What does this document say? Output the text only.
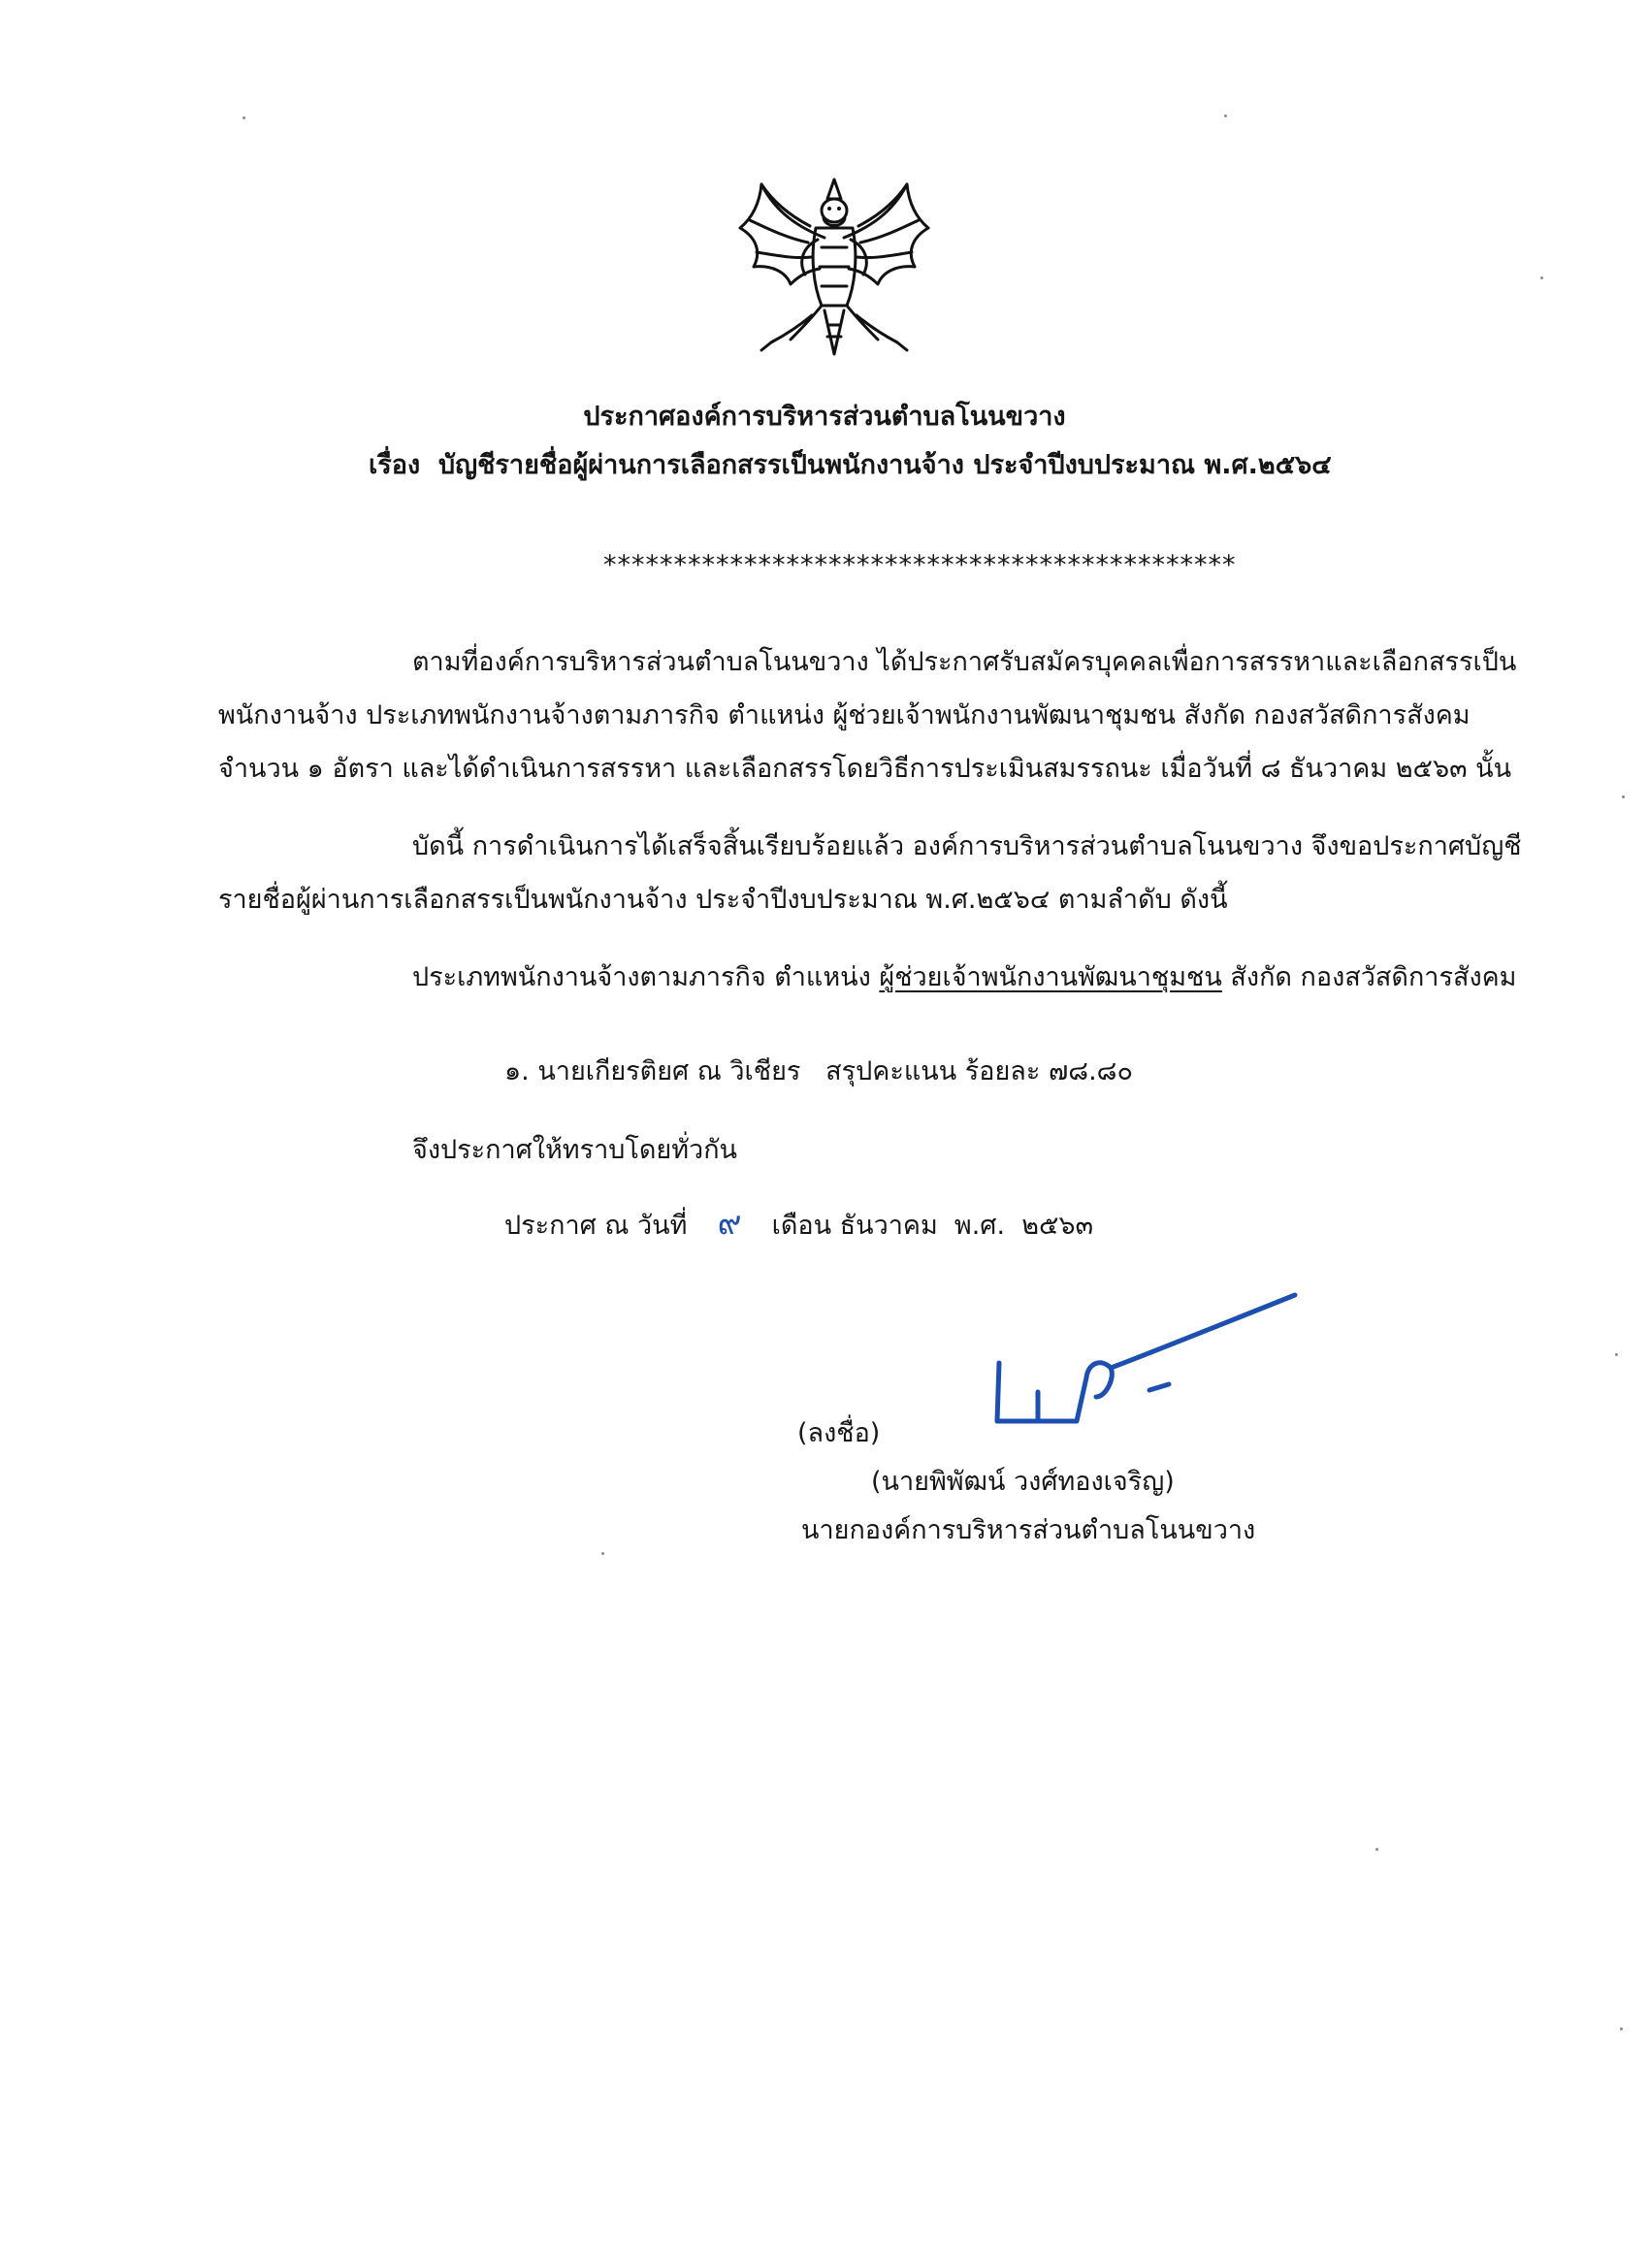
ประกาศองค์การบริหารส่วนตำบลโนนขวาง
เรื่อง บัญชีรายชื่อผู้ผ่านการเลือกสรรเป็นพนักงานจ้าง ประจำปีงบประมาณ พ.ศ.๒๕๖๔
*********************************************
ตามที่องค์การบริหารส่วนตำบลโนนขวาง ได้ประกาศรับสมัครบุคคลเพื่อการสรรหาและเลือกสรรเป็น
พนักงานจ้าง ประเภทพนักงานจ้างตามภารกิจ ตำแหน่ง ผู้ช่วยเจ้าพนักงานพัฒนาชุมชน สังกัด กองสวัสดิการสังคม
จำนวน ๑ อัตรา และได้ดำเนินการสรรหา และเลือกสรรโดยวิธีการประเมินสมรรถนะ เมื่อวันที่ ๘ ธันวาคม ๒๕๖๓ นั้น
บัดนี้ การดำเนินการได้เสร็จสิ้นเรียบร้อยแล้ว องค์การบริหารส่วนตำบลโนนขวาง จึงขอประกาศบัญชี
รายชื่อผู้ผ่านการเลือกสรรเป็นพนักงานจ้าง ประจำปีงบประมาณ พ.ศ.๒๕๖๔ ตามลำดับ ดังนี้
ประเภทพนักงานจ้างตามภารกิจ ตำแหน่ง ผู้ช่วยเจ้าพนักงานพัฒนาชุมชน สังกัด กองสวัสดิการสังคม
๑. นายเกียรติยศ ณ วิเชียร สรุปคะแนน ร้อยละ ๗๘.๘๐
จึงประกาศให้ทราบโดยทั่วกัน
ประกาศ ณ วันที่ ๙ เดือน ธันวาคม พ.ศ. ๒๕๖๓
(ลงชื่อ)
(นายพิพัฒน์ วงศ์ทองเจริญ)
นายกองค์การบริหารส่วนตำบลโนนขวาง
